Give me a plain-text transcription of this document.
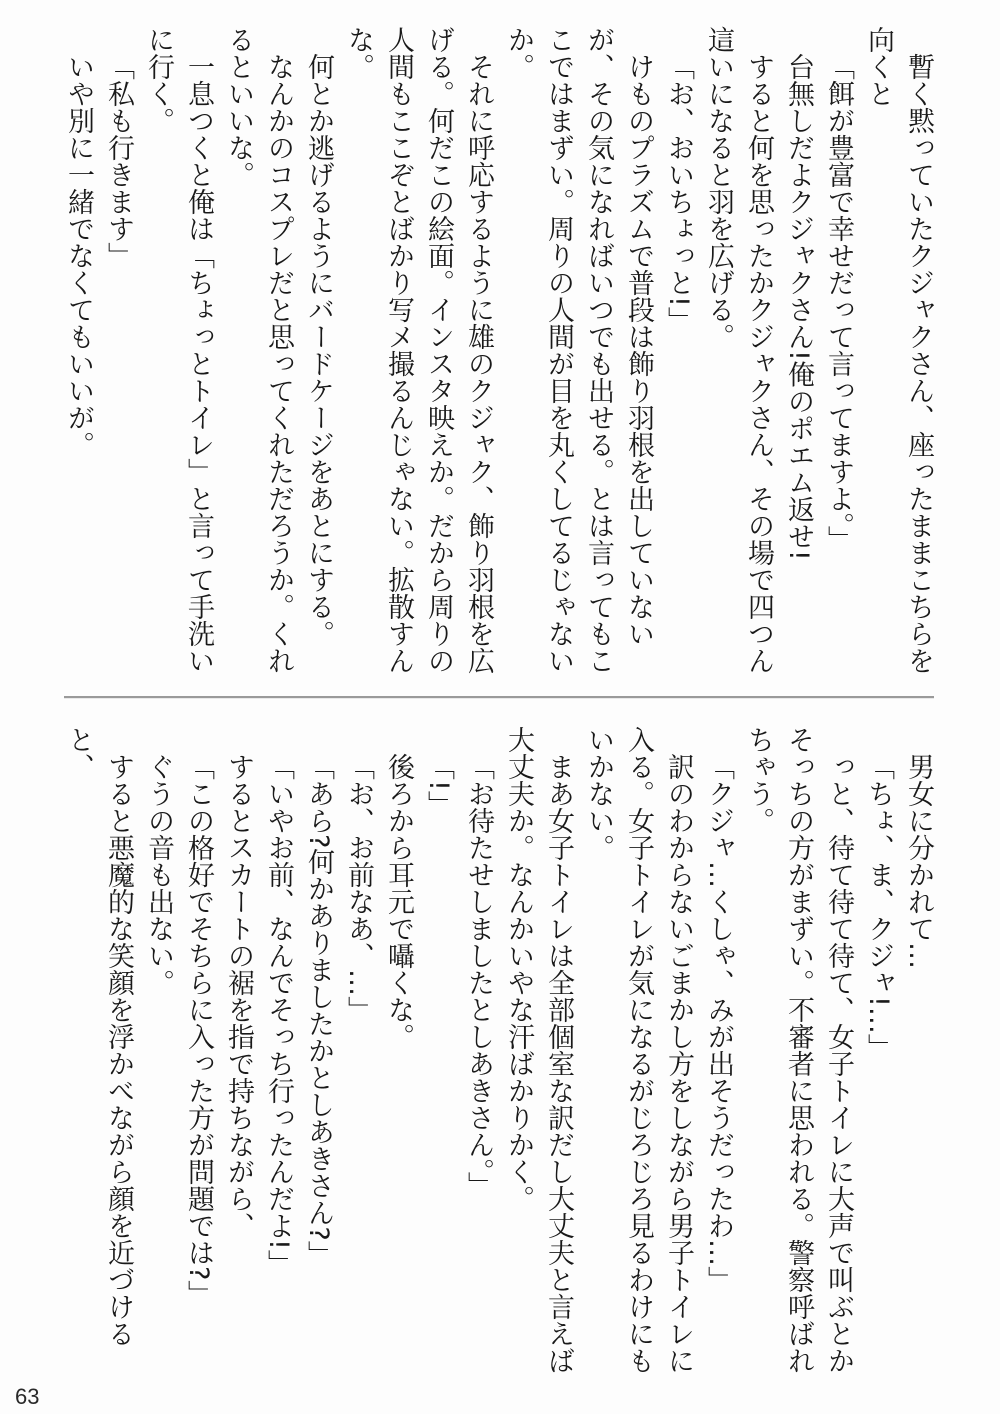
暫く黙っていたクジャクさん、座ったままこちらを向くと

「餌が豊富で幸せだって言ってますよ。」

台無しだよクジャクさん!俺のポエム返せ!

すると何を思ったかクジャクさん、その場で四つん這いになると羽を広げる。

「お、おいちょっと!」

けものプラズムで普段は飾り羽根を出していないが、その気になればいつでも出せる。とは言ってもここではまずい。周りの人間が目を丸くしてるじゃないか。

それに呼応するように雄のクジャク、飾り羽根を広げる。何だこの絵面。インスタ映えか。だから周りの人間もここぞとばかり写メ撮るんじゃない。拡散すんな。

何とか逃げるようにバードケージをあとにする。

なんかのコスプレだと思ってくれただろうか。くれるといいな。

一息つくと俺は「ちょっとトイレ」と言って手洗いに行く。

「私も行きます」

いや別に一緒でなくてもいいが。

男女に分かれて…

「ちょ、ま、クジャ!…」

っと、待て待て待て、女子トイレに大声で叫ぶとかそっちの方がまずい。不審者に思われる。警察呼ばれちゃう。

「クジャ…くしゃ、みが出そうだったわ…」

訳のわからないごまかし方をしながら男子トイレに入る。女子トイレが気になるがじろじろ見るわけにもいかない。

まあ女子トイレは全部個室な訳だし大丈夫と言えば大丈夫か。なんかいやな汗ばかりかく。

「お待たせしましたとしあきさん。」

「!」

後ろから耳元で囁くな。

「お、お前なあ、…」

「あら?何かありましたかとしあきさん?」

「いやお前、なんでそっち行ったんだよ!」

するとスカートの裾を指で持ちながら、

「この格好でそちらに入った方が問題では?」

ぐうの音も出ない。

すると悪魔的な笑顔を浮かべながら顔を近づけると、

63
